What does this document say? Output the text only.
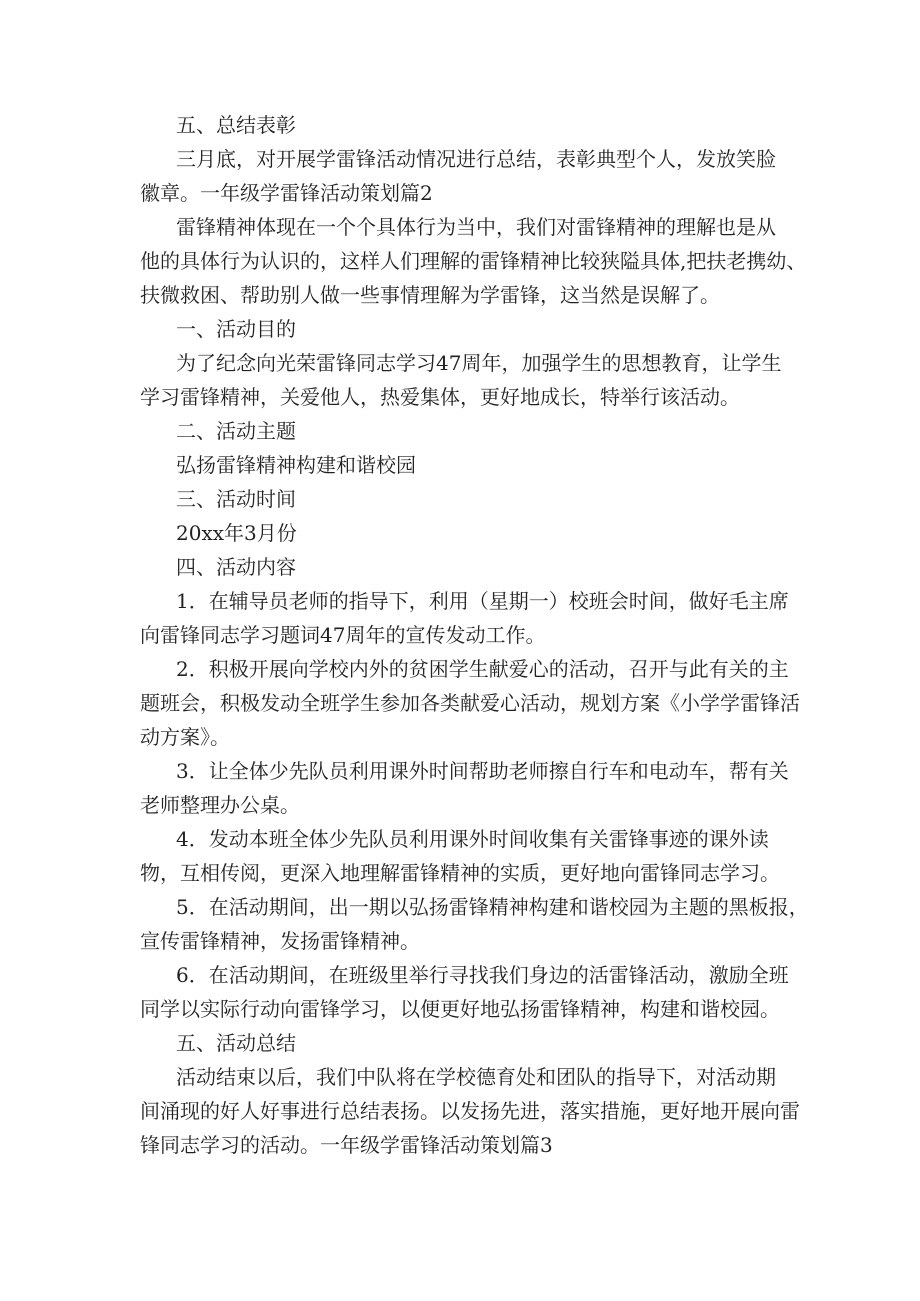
五、总结表彰

三月底，对开展学雷锋活动情况进行总结，表彰典型个人，发放笑脸

徽章。一年级学雷锋活动策划篇2

雷锋精神体现在一个个具体行为当中，我们对雷锋精神的理解也是从

他的具体行为认识的，这样人们理解的雷锋精神比较狭隘具体,把扶老携幼、

扶微救困、帮助别人做一些事情理解为学雷锋，这当然是误解了。

一、活动目的

为了纪念向光荣雷锋同志学习47周年，加强学生的思想教育，让学生

学习雷锋精神，关爱他人，热爱集体，更好地成长，特举行该活动。

二、活动主题

弘扬雷锋精神构建和谐校园

三、活动时间

20xx年3月份

四、活动内容

1．在辅导员老师的指导下，利用（星期一）校班会时间，做好毛主席

向雷锋同志学习题词47周年的宣传发动工作。

2．积极开展向学校内外的贫困学生献爱心的活动，召开与此有关的主

题班会，积极发动全班学生参加各类献爱心活动，规划方案《小学学雷锋活

动方案》。

3．让全体少先队员利用课外时间帮助老师擦自行车和电动车，帮有关

老师整理办公桌。

4．发动本班全体少先队员利用课外时间收集有关雷锋事迹的课外读

物，互相传阅，更深入地理解雷锋精神的实质，更好地向雷锋同志学习。

5．在活动期间，出一期以弘扬雷锋精神构建和谐校园为主题的黑板报，

宣传雷锋精神，发扬雷锋精神。

6．在活动期间，在班级里举行寻找我们身边的活雷锋活动，激励全班

同学以实际行动向雷锋学习，以便更好地弘扬雷锋精神，构建和谐校园。

五、活动总结

活动结束以后，我们中队将在学校德育处和团队的指导下，对活动期

间涌现的好人好事进行总结表扬。以发扬先进，落实措施，更好地开展向雷

锋同志学习的活动。一年级学雷锋活动策划篇3
